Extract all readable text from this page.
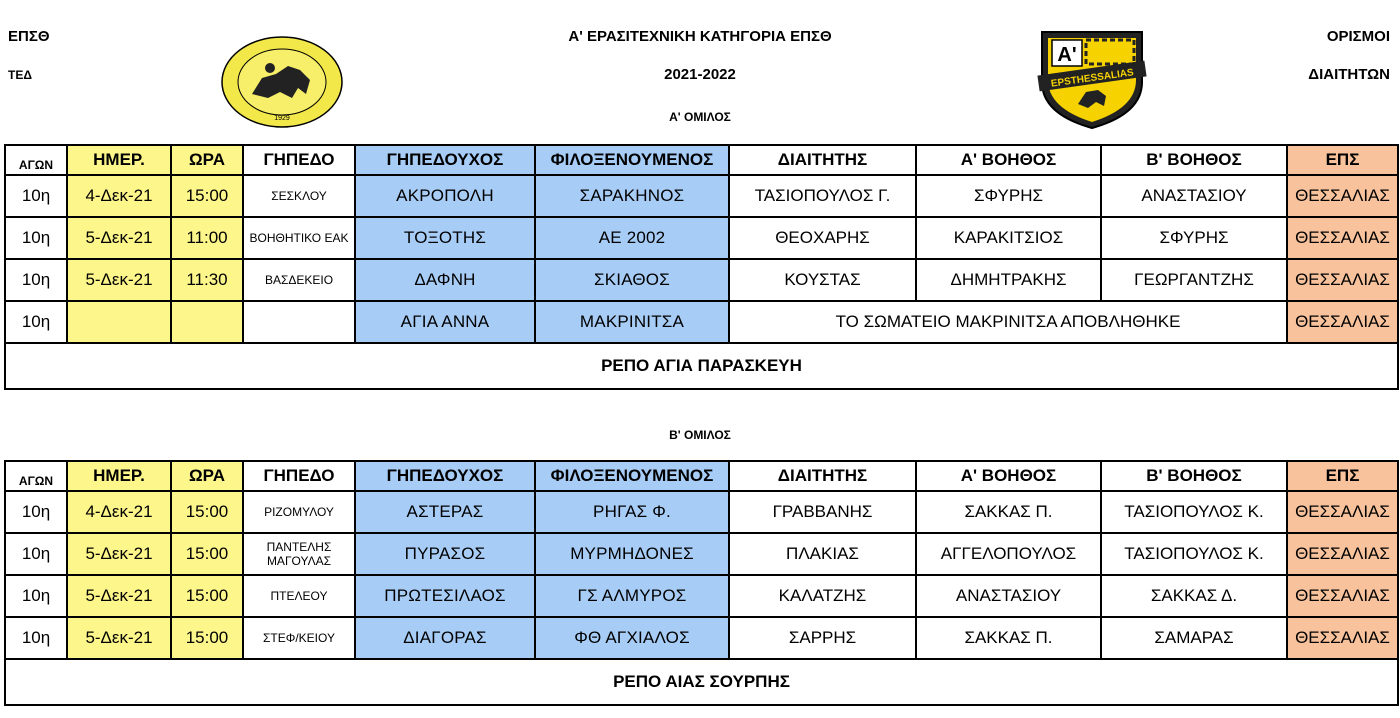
ΕΠΣΘ
ΤΕΔ
1929
Α' ΕΡΑΣΙΤΕΧΝΙΚΗ ΚΑΤΗΓΟΡΙΑ ΕΠΣΘ
2021-2022
Α'
EPSTHESSALIAS
ΟΡΙΣΜΟΙ
ΔΙΑΙΤΗΤΩΝ
Α' ΟΜΙΛΟΣ
ΑΓΩΝ	ΗΜΕΡ.	ΩΡΑ	ΓΗΠΕΔΟ	ΓΗΠΕΔΟΥΧΟΣ	ΦΙΛΟΞΕΝΟΥΜΕΝΟΣ	ΔΙΑΙΤΗΤΗΣ	Α' ΒΟΗΘΟΣ	Β' ΒΟΗΘΟΣ	ΕΠΣ
10η	4-Δεκ-21	15:00	ΣΕΣΚΛΟΥ	ΑΚΡΟΠΟΛΗ	ΣΑΡΑΚΗΝΟΣ	ΤΑΣΙΟΠΟΥΛΟΣ Γ.	ΣΦΥΡΗΣ	ΑΝΑΣΤΑΣΙΟΥ	ΘΕΣΣΑΛΙΑΣ
10η	5-Δεκ-21	11:00	ΒΟΗΘΗΤΙΚΟ ΕΑΚ	ΤΟΞΟΤΗΣ	ΑΕ 2002	ΘΕΟΧΑΡΗΣ	ΚΑΡΑΚΙΤΣΙΟΣ	ΣΦΥΡΗΣ	ΘΕΣΣΑΛΙΑΣ
10η	5-Δεκ-21	11:30	ΒΑΣΔΕΚΕΙΟ	ΔΑΦΝΗ	ΣΚΙΑΘΟΣ	ΚΟΥΣΤΑΣ	ΔΗΜΗΤΡΑΚΗΣ	ΓΕΩΡΓΑΝΤΖΗΣ	ΘΕΣΣΑΛΙΑΣ
10η				ΑΓΙΑ ΑΝΝΑ	ΜΑΚΡΙΝΙΤΣΑ	ΤΟ ΣΩΜΑΤΕΙΟ ΜΑΚΡΙΝΙΤΣΑ ΑΠΟΒΛΗΘΗΚΕ			ΘΕΣΣΑΛΙΑΣ
ΡΕΠΟ ΑΓΙΑ ΠΑΡΑΣΚΕΥΗ									
Β' ΟΜΙΛΟΣ
ΑΓΩΝ	ΗΜΕΡ.	ΩΡΑ	ΓΗΠΕΔΟ	ΓΗΠΕΔΟΥΧΟΣ	ΦΙΛΟΞΕΝΟΥΜΕΝΟΣ	ΔΙΑΙΤΗΤΗΣ	Α' ΒΟΗΘΟΣ	Β' ΒΟΗΘΟΣ	ΕΠΣ
10η	4-Δεκ-21	15:00	ΡΙΖΟΜΥΛΟΥ	ΑΣΤΕΡΑΣ	ΡΗΓΑΣ Φ.	ΓΡΑΒΒΑΝΗΣ	ΣΑΚΚΑΣ Π.	ΤΑΣΙΟΠΟΥΛΟΣ Κ.	ΘΕΣΣΑΛΙΑΣ
10η	5-Δεκ-21	15:00	ΠΑΝΤΕΛΗΣ ΜΑΓΟΥΛΑΣ	ΠΥΡΑΣΟΣ	ΜΥΡΜΗΔΟΝΕΣ	ΠΛΑΚΙΑΣ	ΑΓΓΕΛΟΠΟΥΛΟΣ	ΤΑΣΙΟΠΟΥΛΟΣ Κ.	ΘΕΣΣΑΛΙΑΣ
10η	5-Δεκ-21	15:00	ΠΤΕΛΕΟΥ	ΠΡΩΤΕΣΙΛΑΟΣ	ΓΣ ΑΛΜΥΡΟΣ	ΚΑΛΑΤΖΗΣ	ΑΝΑΣΤΑΣΙΟΥ	ΣΑΚΚΑΣ Δ.	ΘΕΣΣΑΛΙΑΣ
10η	5-Δεκ-21	15:00	ΣΤΕΦ/ΚΕΙΟΥ	ΔΙΑΓΟΡΑΣ	ΦΘ ΑΓΧΙΑΛΟΣ	ΣΑΡΡΗΣ	ΣΑΚΚΑΣ Π.	ΣΑΜΑΡΑΣ	ΘΕΣΣΑΛΙΑΣ
ΡΕΠΟ ΑΙΑΣ ΣΟΥΡΠΗΣ									
